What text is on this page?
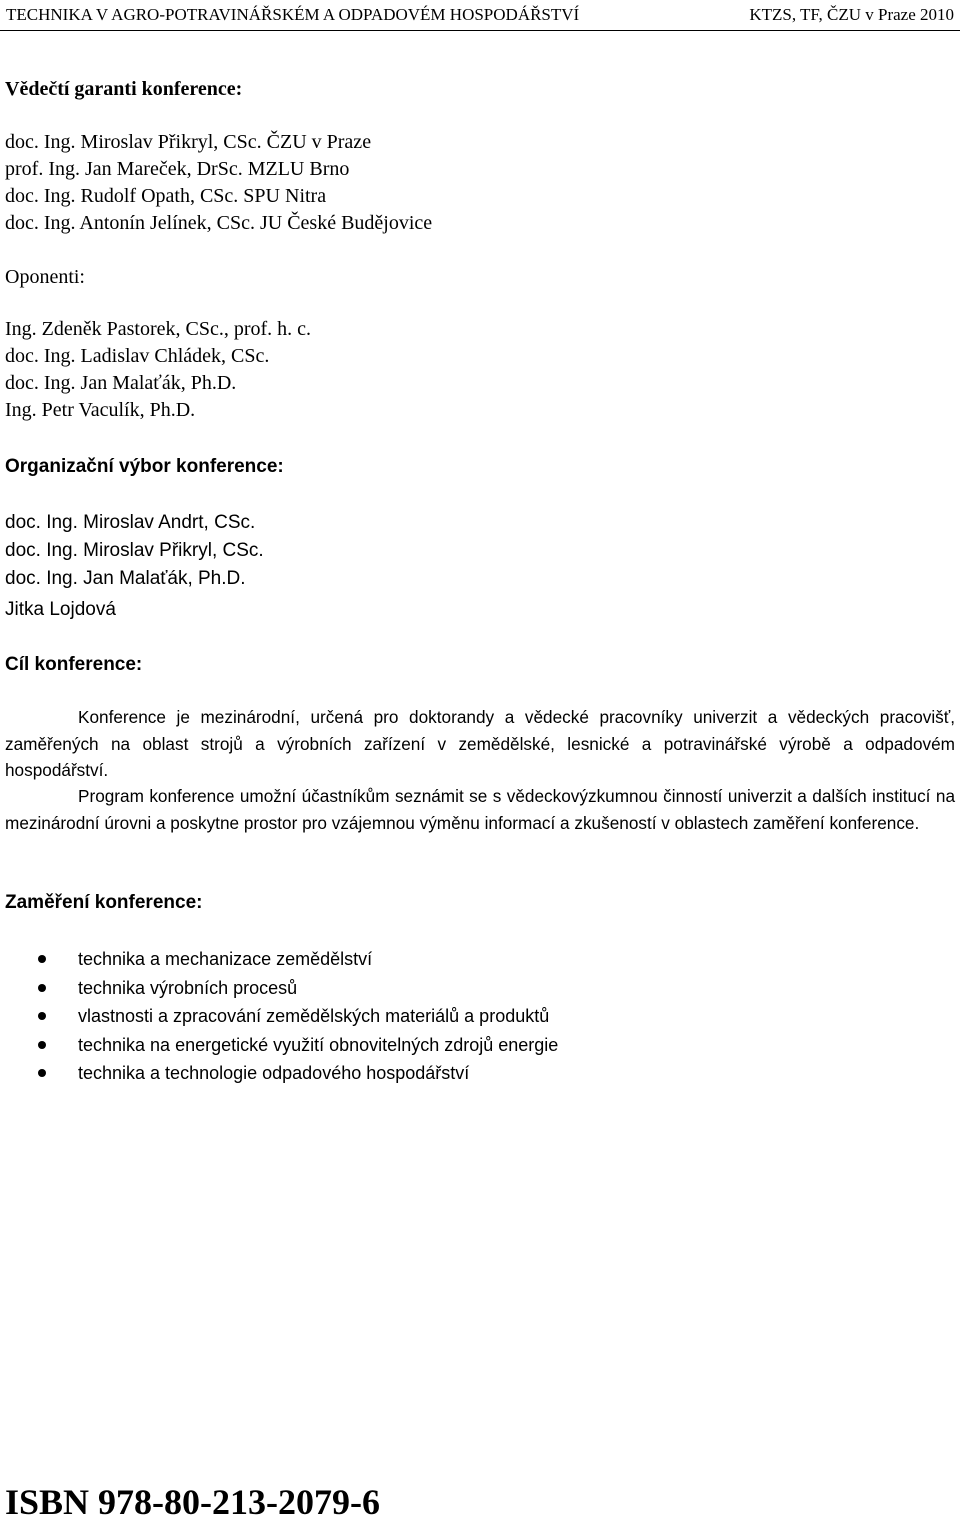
TECHNIKA V AGRO-POTRAVINÁŘSKÉM A ODPADOVÉM HOSPODÁŘSTVÍ	KTZS, TF, ČZU v Praze 2010
Vědečtí garanti konference:
doc. Ing. Miroslav Přikryl, CSc. ČZU v Praze
prof. Ing. Jan Mareček, DrSc. MZLU Brno
doc. Ing. Rudolf Opath, CSc. SPU Nitra
doc. Ing. Antonín Jelínek, CSc. JU České Budějovice
Oponenti:
Ing. Zdeněk Pastorek, CSc., prof. h. c.
doc. Ing. Ladislav Chládek, CSc.
doc. Ing. Jan Malaťák, Ph.D.
Ing. Petr Vaculík, Ph.D.
Organizační výbor konference:
doc. Ing. Miroslav Andrt, CSc.
doc. Ing. Miroslav Přikryl, CSc.
doc. Ing. Jan Malaťák, Ph.D.
Jitka Lojdová
Cíl konference:
Konference je mezinárodní, určená pro doktorandy a vědecké pracovníky univerzit a vědeckých pracovišť, zaměřených na oblast strojů a výrobních zařízení v zemědělské, lesnické a potravinářské výrobě a odpadovém hospodářství.
Program konference umožní účastníkům seznámit se s vědeckovýzkumnou činností univerzit a dalších institucí na mezinárodní úrovni a poskytne prostor pro vzájemnou výměnu informací a zkušeností v oblastech zaměření konference.
Zaměření konference:
technika a mechanizace zemědělství
technika výrobních procesů
vlastnosti a zpracování zemědělských materiálů a produktů
technika na energetické využití obnovitelných zdrojů energie
technika a technologie odpadového hospodářství
ISBN 978-80-213-2079-6
